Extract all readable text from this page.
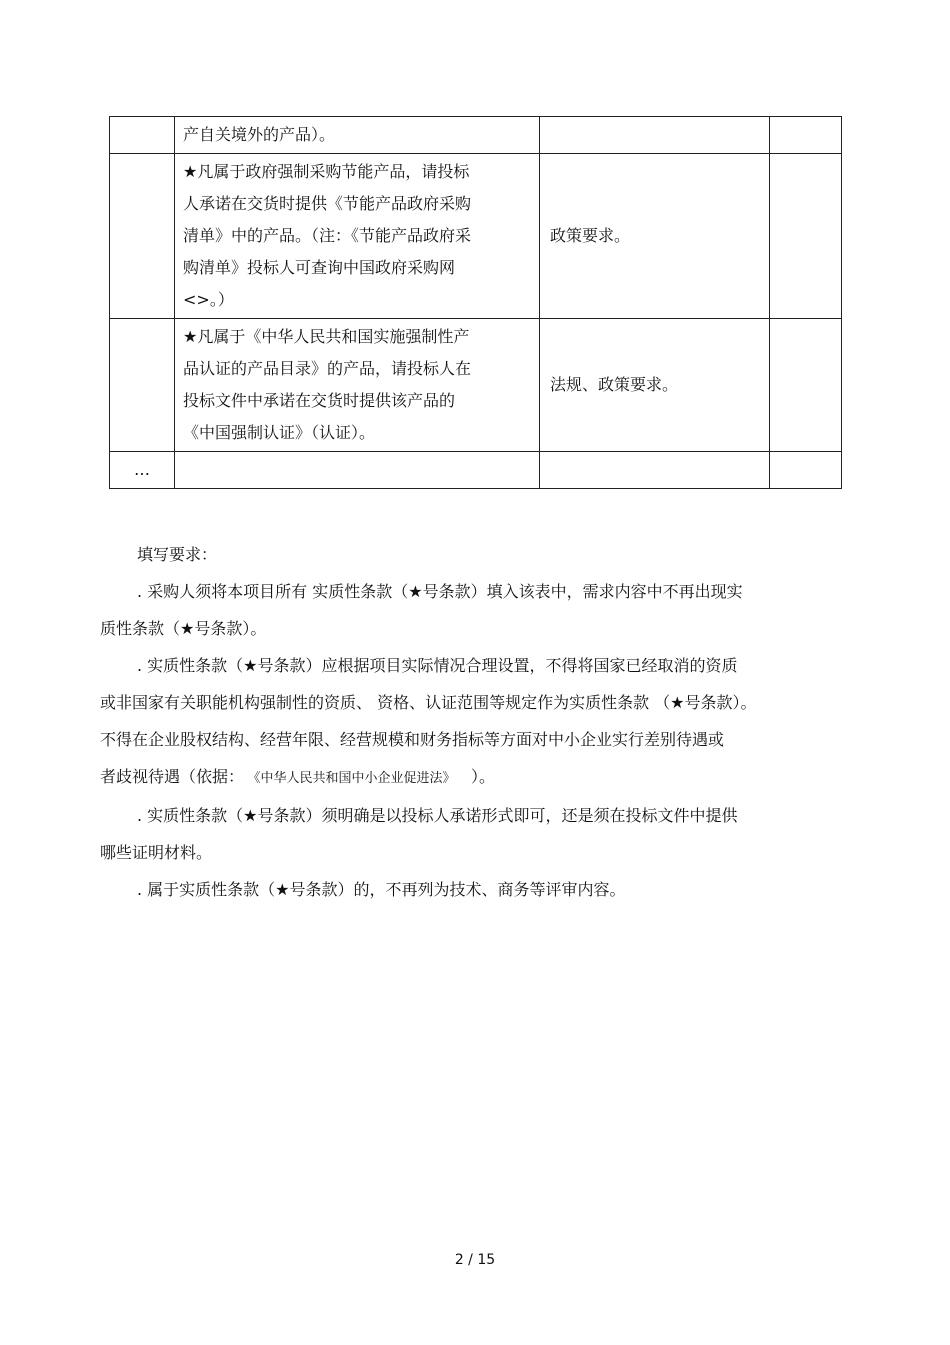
	产自关境外的产品）。		

	★凡属于政府强制采购节能产品，请投标
人承诺在交货时提供《节能产品政府采购
清单》中的产品。（注：《节能产品政府采
购清单》投标人可查询中国政府采购网
<>。）	政策要求。	

	★凡属于《中华人民共和国实施强制性产
品认证的产品目录》的产品，请投标人在
投标文件中承诺在交货时提供该产品的
《中国强制认证》（认证）。	法规、政策要求。	
…	

填写要求：

. 采购人须将本项目所有 实质性条款（★号条款）填入该表中，需求内容中不再出现实

质性条款（★号条款）。

. 实质性条款（★号条款）应根据项目实际情况合理设置，不得将国家已经取消的资质

或非国家有关职能机构强制性的资质、 资格、认证范围等规定作为实质性条款 （★号条款）。

不得在企业股权结构、经营年限、经营规模和财务指标等方面对中小企业实行差别待遇或

者歧视待遇（依据： 《中华人民共和国中小企业促进法》 ）。

. 实质性条款（★号条款）须明确是以投标人承诺形式即可，还是须在投标文件中提供

哪些证明材料。

. 属于实质性条款（★号条款）的，不再列为技术、商务等评审内容。

2 / 15
